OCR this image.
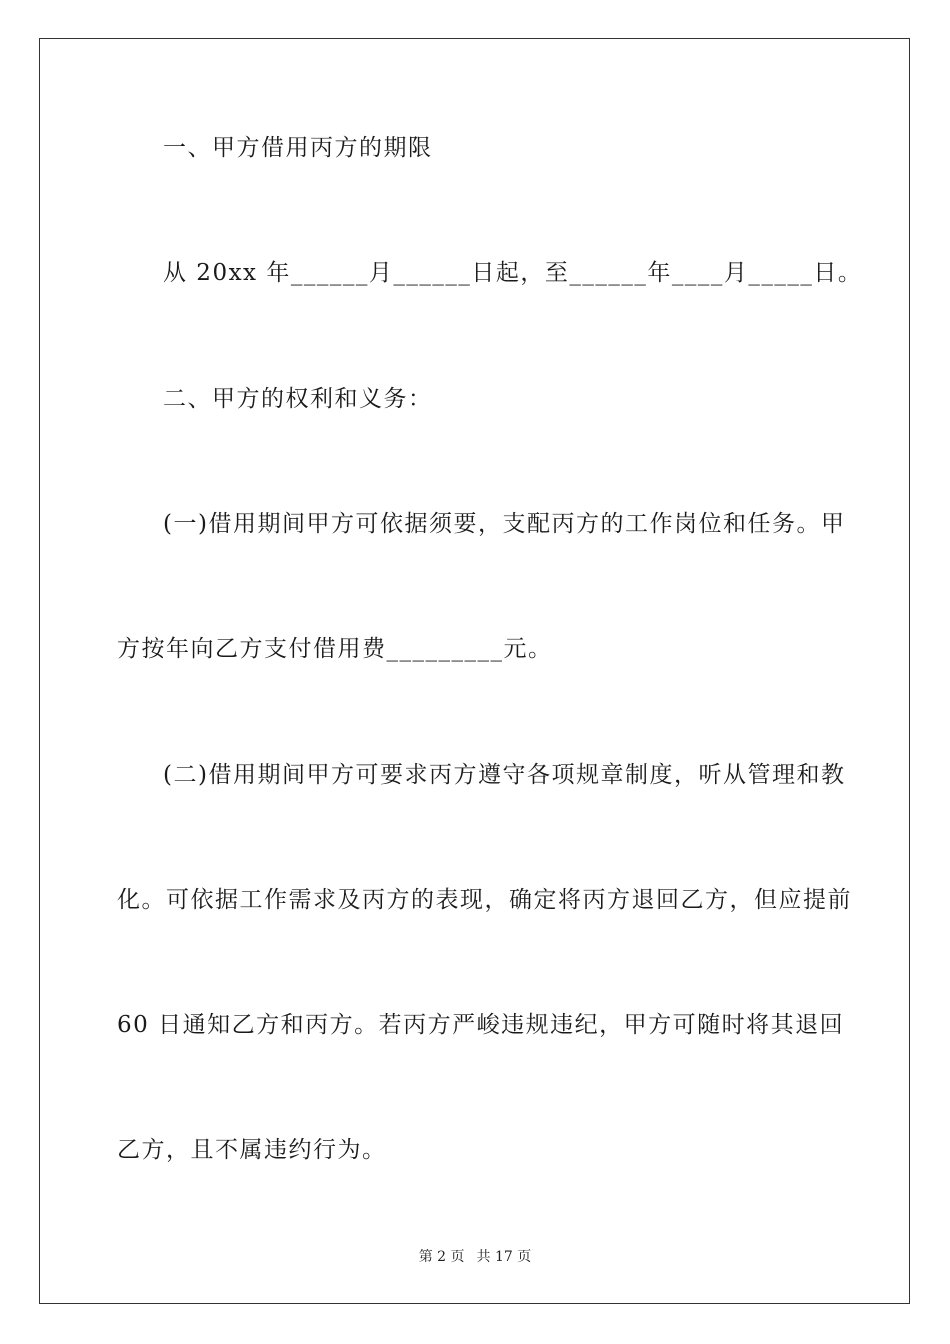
一、甲方借用丙方的期限
从 20xx 年______月______日起，至______年____月_____日。
二、甲方的权利和义务：
(一)借用期间甲方可依据须要，支配丙方的工作岗位和任务。甲
方按年向乙方支付借用费_________元。
(二)借用期间甲方可要求丙方遵守各项规章制度，听从管理和教
化。可依据工作需求及丙方的表现，确定将丙方退回乙方，但应提前
60 日通知乙方和丙方。若丙方严峻违规违纪，甲方可随时将其退回
乙方，且不属违约行为。
第 2 页 共 17 页
